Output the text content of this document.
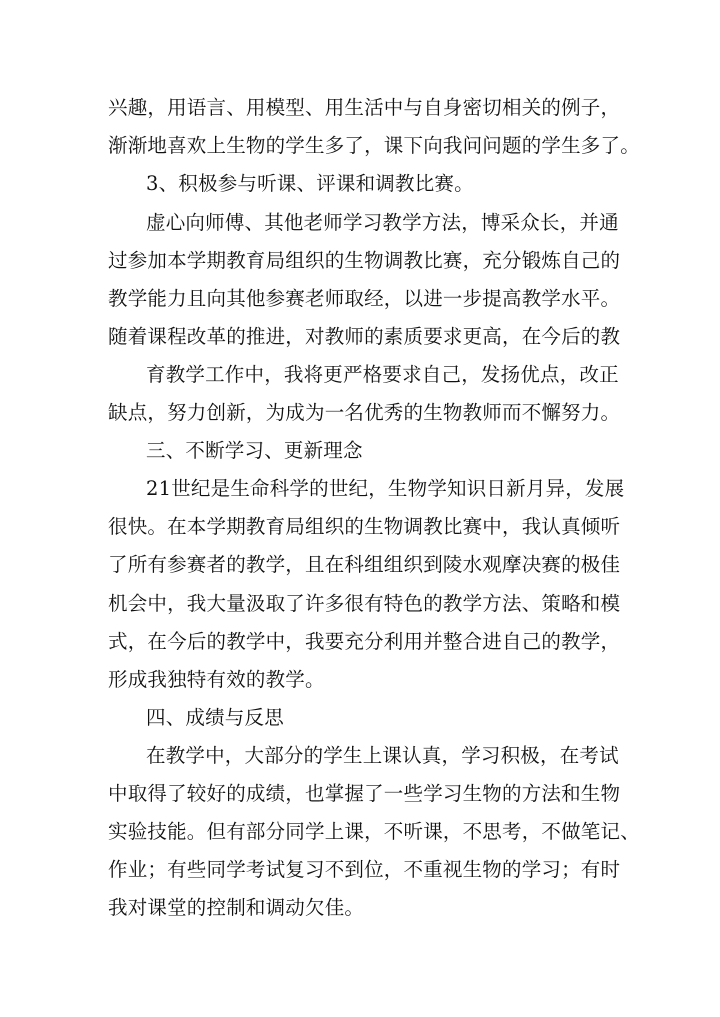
兴趣，用语言、用模型、用生活中与自身密切相关的例子，
渐渐地喜欢上生物的学生多了，课下向我问问题的学生多了。
3、积极参与听课、评课和调教比赛。
虚心向师傅、其他老师学习教学方法，博采众长，并通
过参加本学期教育局组织的生物调教比赛，充分锻炼自己的
教学能力且向其他参赛老师取经，以进一步提高教学水平。
随着课程改革的推进，对教师的素质要求更高，在今后的教
育教学工作中，我将更严格要求自己，发扬优点，改正
缺点，努力创新，为成为一名优秀的生物教师而不懈努力。
三、不断学习、更新理念
21世纪是生命科学的世纪，生物学知识日新月异，发展
很快。在本学期教育局组织的生物调教比赛中，我认真倾听
了所有参赛者的教学，且在科组组织到陵水观摩决赛的极佳
机会中，我大量汲取了许多很有特色的教学方法、策略和模
式，在今后的教学中，我要充分利用并整合进自己的教学，
形成我独特有效的教学。
四、成绩与反思
在教学中，大部分的学生上课认真，学习积极，在考试
中取得了较好的成绩，也掌握了一些学习生物的方法和生物
实验技能。但有部分同学上课，不听课，不思考，不做笔记、
作业；有些同学考试复习不到位，不重视生物的学习；有时
我对课堂的控制和调动欠佳。
